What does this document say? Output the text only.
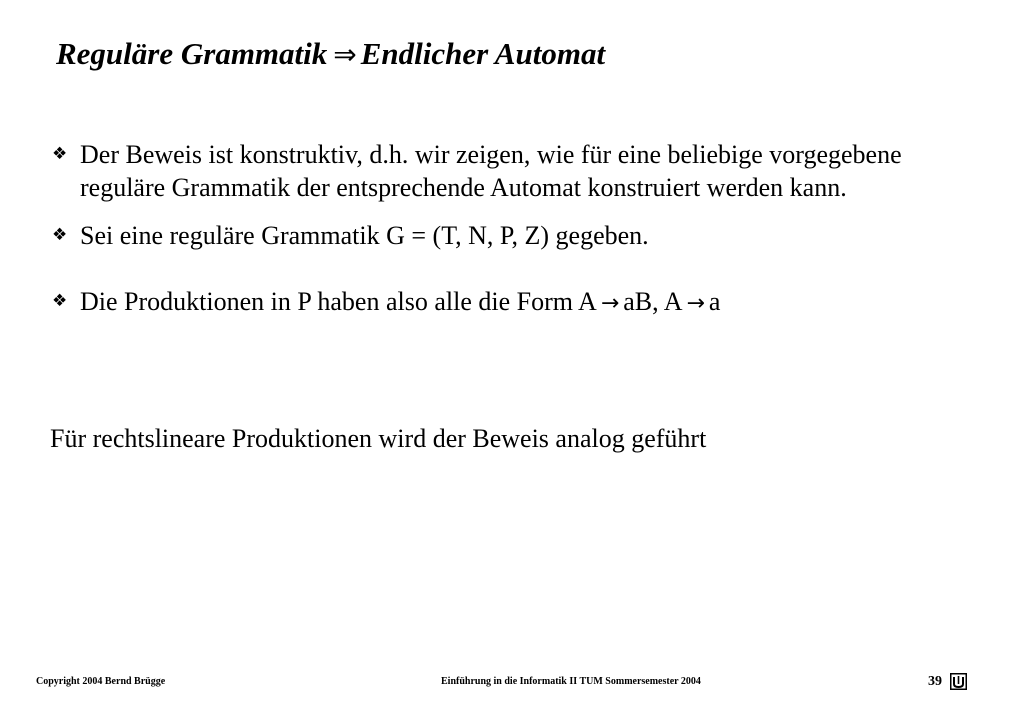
Reguläre Grammatik ⇒ Endlicher Automat
❖ Der Beweis ist konstruktiv, d.h. wir zeigen, wie für eine beliebige vorgegebene reguläre Grammatik der entsprechende Automat konstruiert werden kann.
❖ Sei eine reguläre Grammatik G = (T, N, P, Z) gegeben.
❖ Die Produktionen in P haben also alle die Form A → aB, A → a

Für rechtslineare Produktionen wird der Beweis analog geführt

Copyright 2004 Bernd Brügge	Einführung in die Informatik II TUM Sommersemester 2004	39
